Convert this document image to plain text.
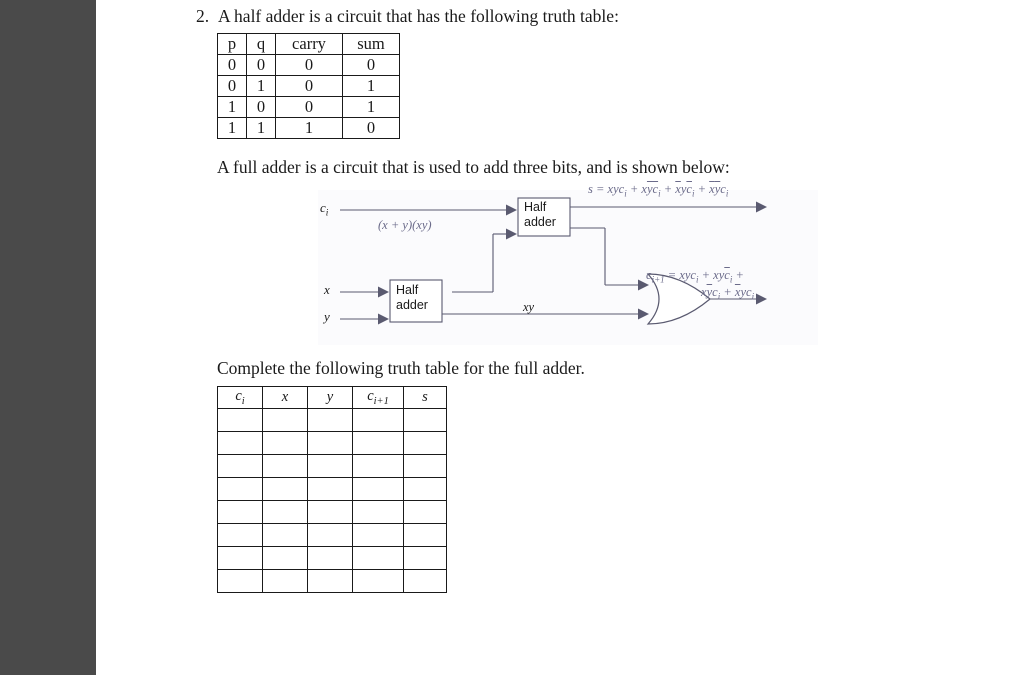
2. A half adder is a circuit that has the following truth table:
p	q	carry	sum
0	0	0	0
0	1	0	1
1	0	0	1
1	1	1	0
A full adder is a circuit that is used to add three bits, and is shown below:
$c_i$
x
y
Half
adder
Half
adder
(x + y)(xy)
xy
$s = xyc_i + x\overline{y}\overline{c}_i + \overline{x}y\overline{c}_i + \overline{x}\overline{y}c_i$
$c_{i+1} = xyc_i + xy\overline{c}_i$ +
$x\overline{y}c_i + \overline{x}yc_i$
Complete the following truth table for the full adder.
$c_i$	x	y	$c_{i+1}$	s
